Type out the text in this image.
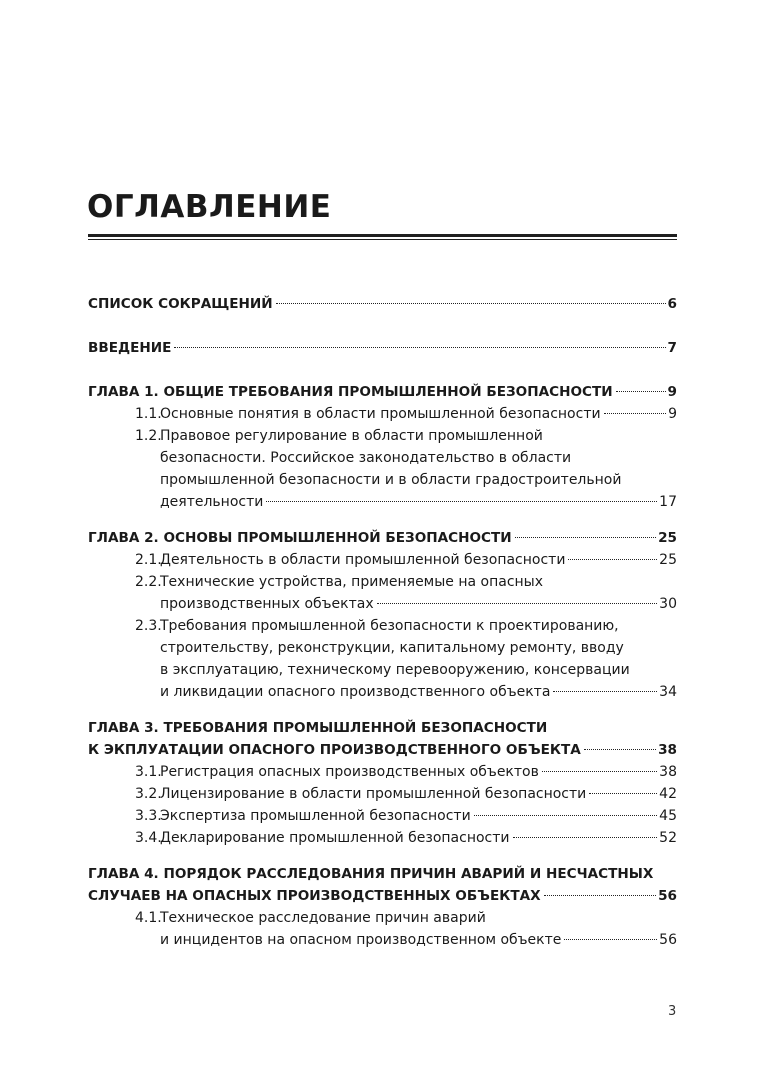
ОГЛАВЛЕНИЕ
СПИСОК СОКРАЩЕНИЙ	6
ВВЕДЕНИЕ	7
ГЛАВА 1. ОБЩИЕ ТРЕБОВАНИЯ ПРОМЫШЛЕННОЙ БЕЗОПАСНОСТИ	9
1.1.
Основные понятия в области промышленной безопасности	9
1.2.
Правовое регулирование в области промышленной
безопасности. Российское законодательство в области
промышленной безопасности и в области градостроительной
деятельности	17
ГЛАВА 2. ОСНОВЫ ПРОМЫШЛЕННОЙ БЕЗОПАСНОСТИ	25
2.1.
Деятельность в области промышленной безопасности	25
2.2.
Технические устройства, применяемые на опасных
производственных объектах	30
2.3.
Требования промышленной безопасности к проектированию,
строительству, реконструкции, капитальному ремонту, вводу
в эксплуатацию, техническому перевооружению, консервации
и ликвидации опасного производственного объекта	34
ГЛАВА 3. ТРЕБОВАНИЯ ПРОМЫШЛЕННОЙ БЕЗОПАСНОСТИ
К ЭКПЛУАТАЦИИ ОПАСНОГО ПРОИЗВОДСТВЕННОГО ОБЪЕКТА	38
3.1.
Регистрация опасных производственных объектов	38
3.2.
Лицензирование в области промышленной безопасности	42
3.3.
Экспертиза промышленной безопасности	45
3.4.
Декларирование промышленной безопасности	52
ГЛАВА 4. ПОРЯДОК РАССЛЕДОВАНИЯ ПРИЧИН АВАРИЙ И НЕСЧАСТНЫХ
СЛУЧАЕВ НА ОПАСНЫХ ПРОИЗВОДСТВЕННЫХ ОБЪЕКТАХ	56
4.1.
Техническое расследование причин аварий
и инцидентов на опасном производственном объекте	56
3
